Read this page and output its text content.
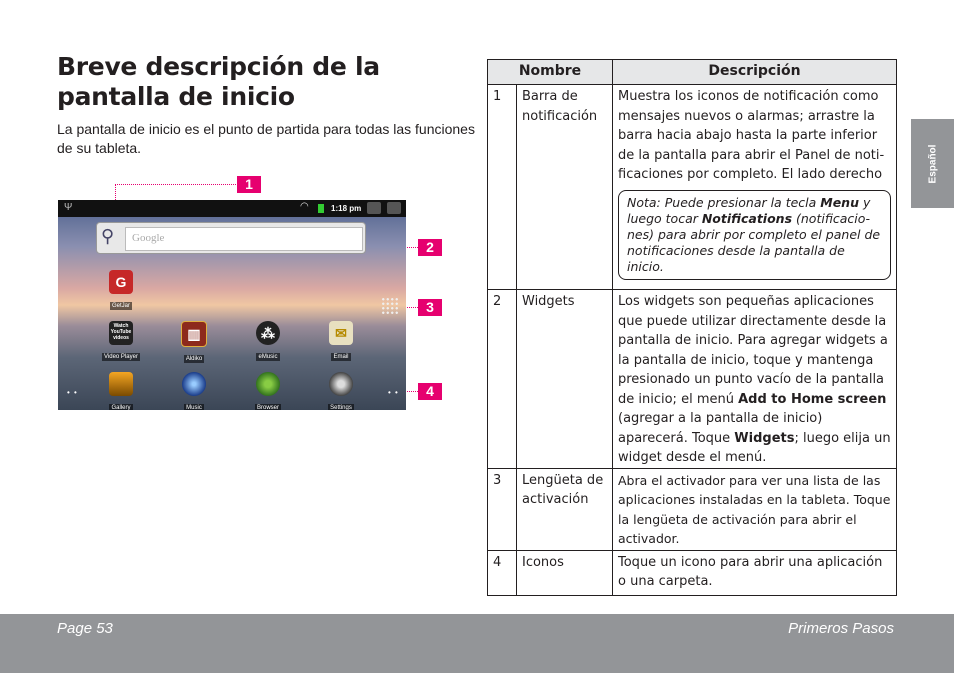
Breve descripción de la pantalla de inicio
La pantalla de inicio es el punto de partida para todas las funciones de su tableta.
1
2
3
4
Ψ	◠	1:18 pm
⚲ Google
• •	• •
G
GetJar
Watch
YouTube
videos
Video Player
▥
Aldiko
⁂
eMusic
✉
Email
Gallery	Music	Browser	Settings
Español
Nombre		Descripción
1	Barra de notificación	Muestra los iconos de notificación como mensajes nuevos o alarmas; arrastre la barra hacia abajo hasta la parte inferior de la pantalla para abrir el Panel de notificaciones por completo. El lado derecho
Nota: Puede presionar la tecla Menu y luego tocar Notifications (notificaciones) para abrir por completo el panel de notificaciones desde la pantalla de inicio.

2	Widgets	Los widgets son pequeñas aplicaciones que puede utilizar directamente desde la pantalla de inicio. Para agregar widgets a la pantalla de inicio, toque y mantenga presionado un punto vacío de la pantalla de inicio; el menú Add to Home screen (agregar a la pantalla de inicio) aparecerá. Toque Widgets; luego elija un widget desde el menú.
3	Lengüeta de activación	Abra el activador para ver una lista de las aplicaciones instaladas en la tableta. Toque la lengüeta de activación para abrir el activador.
4	Iconos	Toque un icono para abrir una aplicación o una carpeta.
Page 53	Primeros Pasos
